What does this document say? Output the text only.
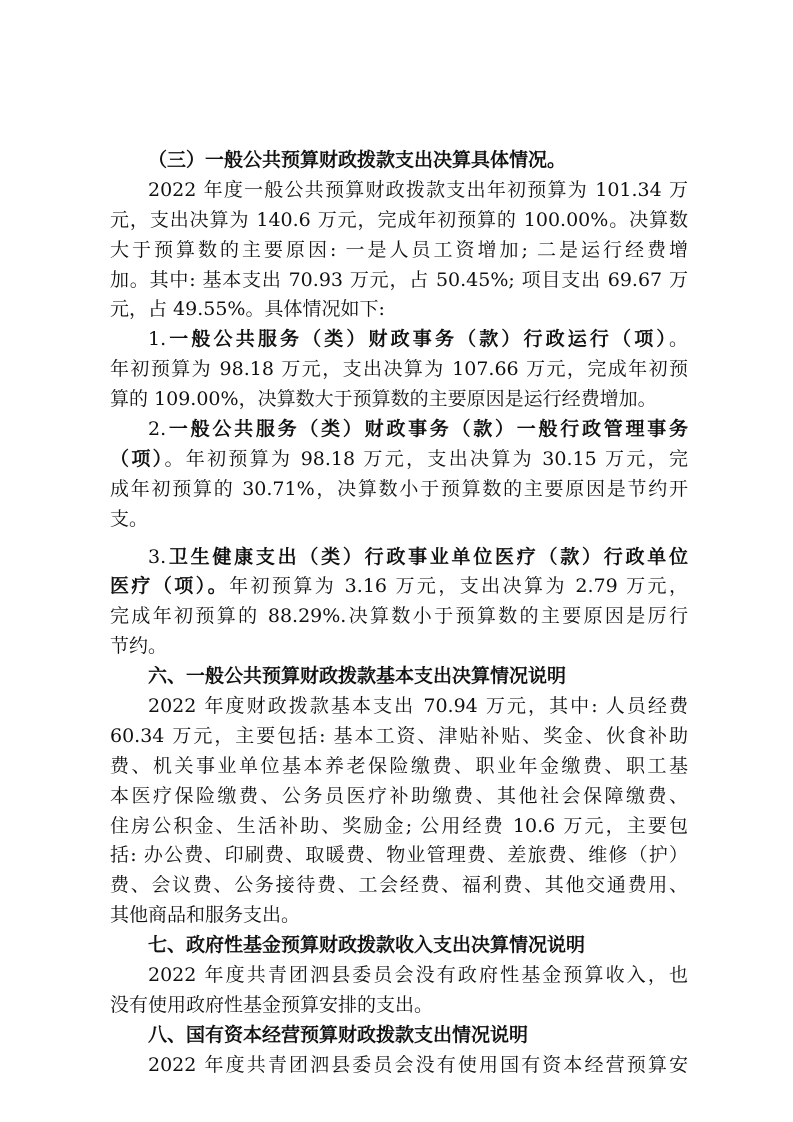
（三）一般公共预算财政拨款支出决算具体情况。
2022 年度一般公共预算财政拨款支出年初预算为 101.34 万
元，支出决算为 140.6 万元，完成年初预算的 100.00%。决算数
大于预算数的主要原因: 一是人员工资增加; 二是运行经费增
加。其中: 基本支出 70.93 万元，占 50.45%; 项目支出 69.67 万
元，占 49.55%。具体情况如下:
1.一般公共服务（类）财政事务（款）行政运行（项）。
年初预算为 98.18 万元，支出决算为 107.66 万元，完成年初预
算的 109.00%，决算数大于预算数的主要原因是运行经费增加。
2.一般公共服务（类）财政事务（款）一般行政管理事务
（项）。年初预算为 98.18 万元，支出决算为 30.15 万元，完
成年初预算的 30.71%，决算数小于预算数的主要原因是节约开
支。
3.卫生健康支出（类）行政事业单位医疗（款）行政单位
医疗（项）。年初预算为 3.16 万元，支出决算为 2.79 万元，
完成年初预算的 88.29%.决算数小于预算数的主要原因是厉行
节约。
六、一般公共预算财政拨款基本支出决算情况说明
2022 年度财政拨款基本支出 70.94 万元，其中: 人员经费
60.34 万元，主要包括: 基本工资、津贴补贴、奖金、伙食补助
费、机关事业单位基本养老保险缴费、职业年金缴费、职工基
本医疗保险缴费、公务员医疗补助缴费、其他社会保障缴费、
住房公积金、生活补助、奖励金; 公用经费 10.6 万元，主要包
括: 办公费、印刷费、取暖费、物业管理费、差旅费、维修（护）
费、会议费、公务接待费、工会经费、福利费、其他交通费用、
其他商品和服务支出。
七、政府性基金预算财政拨款收入支出决算情况说明
2022 年度共青团泗县委员会没有政府性基金预算收入，也
没有使用政府性基金预算安排的支出。
八、国有资本经营预算财政拨款支出情况说明
2022 年度共青团泗县委员会没有使用国有资本经营预算安
